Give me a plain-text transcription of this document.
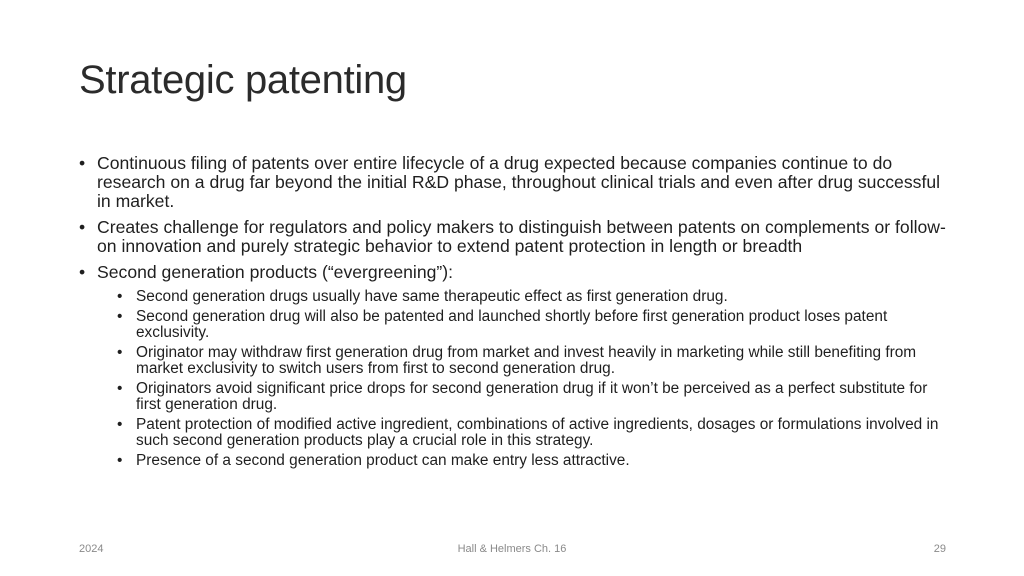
Strategic patenting
• Continuous filing of patents over entire lifecycle of a drug expected because companies continue to do research on a drug far beyond the initial R&D phase, throughout clinical trials and even after drug successful in market.
• Creates challenge for regulators and policy makers to distinguish between patents on complements or follow-on innovation and purely strategic behavior to extend patent protection in length or breadth
• Second generation products (“evergreening”):
• Second generation drugs usually have same therapeutic effect as first generation drug.
• Second generation drug will also be patented and launched shortly before first generation product loses patent exclusivity.
• Originator may withdraw first generation drug from market and invest heavily in marketing while still benefiting from market exclusivity to switch users from first to second generation drug.
• Originators avoid significant price drops for second generation drug if it won’t be perceived as a perfect substitute for first generation drug.
• Patent protection of modified active ingredient, combinations of active ingredients, dosages or formulations involved in such second generation products play a crucial role in this strategy.
• Presence of a second generation product can make entry less attractive.
2024	Hall & Helmers Ch. 16	29
